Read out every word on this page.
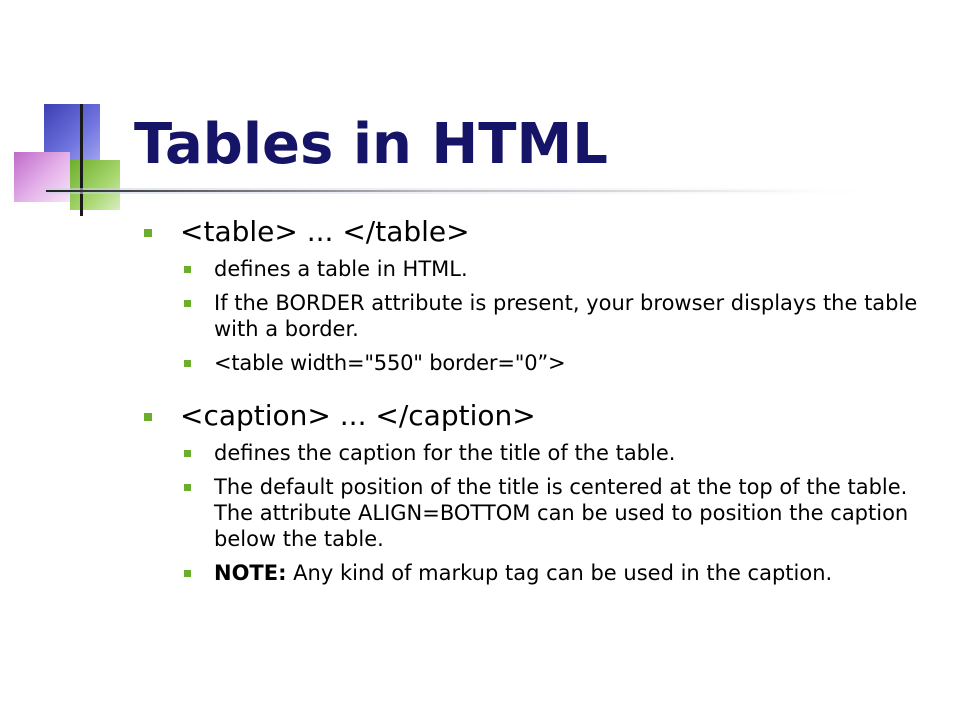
Tables in HTML
<table> ... </table>
defines a table in HTML.
If the BORDER attribute is present, your browser displays the table with a border.
<table width="550" border="0”>
<caption> ... </caption>
defines the caption for the title of the table.
The default position of the title is centered at the top of the table. The attribute ALIGN=BOTTOM can be used to position the caption below the table.
NOTE: Any kind of markup tag can be used in the caption.
